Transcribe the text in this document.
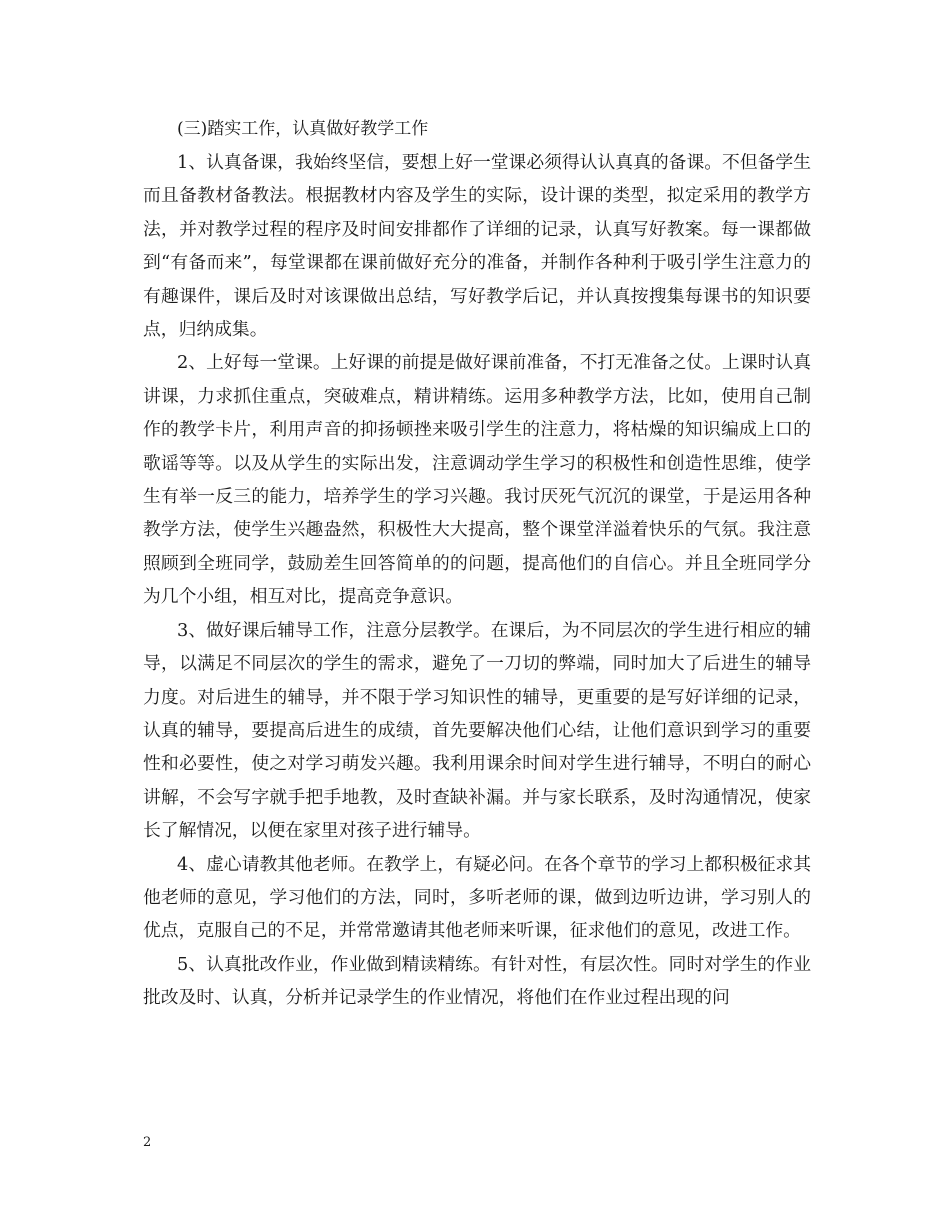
(三)踏实工作，认真做好教学工作

1、认真备课，我始终坚信，要想上好一堂课必须得认认真真的备课。不但备学生而且备教材备教法。根据教材内容及学生的实际，设计课的类型，拟定采用的教学方法，并对教学过程的程序及时间安排都作了详细的记录，认真写好教案。每一课都做到“有备而来”，每堂课都在课前做好充分的准备，并制作各种利于吸引学生注意力的有趣课件，课后及时对该课做出总结，写好教学后记，并认真按搜集每课书的知识要点，归纳成集。

2、上好每一堂课。上好课的前提是做好课前准备，不打无准备之仗。上课时认真讲课，力求抓住重点，突破难点，精讲精练。运用多种教学方法，比如，使用自己制作的教学卡片，利用声音的抑扬顿挫来吸引学生的注意力，将枯燥的知识编成上口的歌谣等等。以及从学生的实际出发，注意调动学生学习的积极性和创造性思维，使学生有举一反三的能力，培养学生的学习兴趣。我讨厌死气沉沉的课堂，于是运用各种教学方法，使学生兴趣盎然，积极性大大提高，整个课堂洋溢着快乐的气氛。我注意照顾到全班同学，鼓励差生回答简单的的问题，提高他们的自信心。并且全班同学分为几个小组，相互对比，提高竞争意识。

3、做好课后辅导工作，注意分层教学。在课后，为不同层次的学生进行相应的辅导，以满足不同层次的学生的需求，避免了一刀切的弊端，同时加大了后进生的辅导力度。对后进生的辅导，并不限于学习知识性的辅导，更重要的是写好详细的记录，认真的辅导，要提高后进生的成绩，首先要解决他们心结，让他们意识到学习的重要性和必要性，使之对学习萌发兴趣。我利用课余时间对学生进行辅导，不明白的耐心讲解，不会写字就手把手地教，及时查缺补漏。并与家长联系，及时沟通情况，使家长了解情况，以便在家里对孩子进行辅导。

4、虚心请教其他老师。在教学上，有疑必问。在各个章节的学习上都积极征求其他老师的意见，学习他们的方法，同时，多听老师的课，做到边听边讲，学习别人的优点，克服自己的不足，并常常邀请其他老师来听课，征求他们的意见，改进工作。

5、认真批改作业，作业做到精读精练。有针对性，有层次性。同时对学生的作业批改及时、认真，分析并记录学生的作业情况，将他们在作业过程出现的问

2
